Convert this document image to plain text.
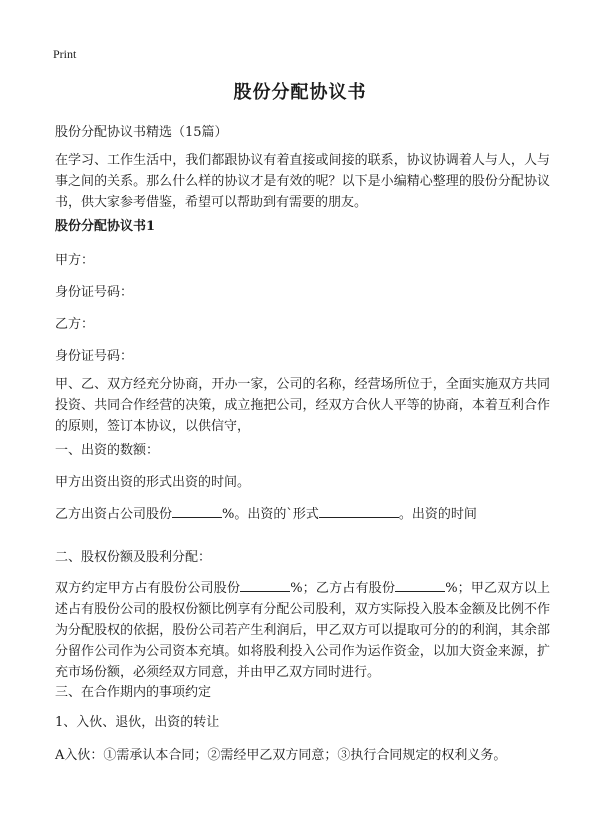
Print
股份分配协议书

股份分配协议书精选（15篇）

在学习、工作生活中，我们都跟协议有着直接或间接的联系，协议协调着人与人，人与事之间的关系。那么什么样的协议才是有效的呢？以下是小编精心整理的股份分配协议书，供大家参考借鉴，希望可以帮助到有需要的朋友。

股份分配协议书1

甲方：

身份证号码：

乙方：

身份证号码：

甲、乙、双方经充分协商，开办一家，公司的名称，经营场所位于，全面实施双方共同投资、共同合作经营的决策，成立拖把公司，经双方合伙人平等的协商，本着互利合作的原则，签订本协议，以供信守，

一、出资的数额：

甲方出资出资的形式出资的时间。

乙方出资占公司股份	%。出资的`形式	。出资的时间

二、股权份额及股利分配：

双方约定甲方占有股份公司股份	%；乙方占有股份	%；甲乙双方以上述占有股份公司的股权份额比例享有分配公司股利，双方实际投入股本金额及比例不作为分配股权的依据，股份公司若产生利润后，甲乙双方可以提取可分的的利润，其余部分留作公司作为公司资本充填。如将股利投入公司作为运作资金，以加大资金来源，扩充市场份额，必须经双方同意，并由甲乙双方同时进行。

三、在合作期内的事项约定

1、入伙、退伙，出资的转让

A入伙：①需承认本合同；②需经甲乙双方同意；③执行合同规定的权利义务。
